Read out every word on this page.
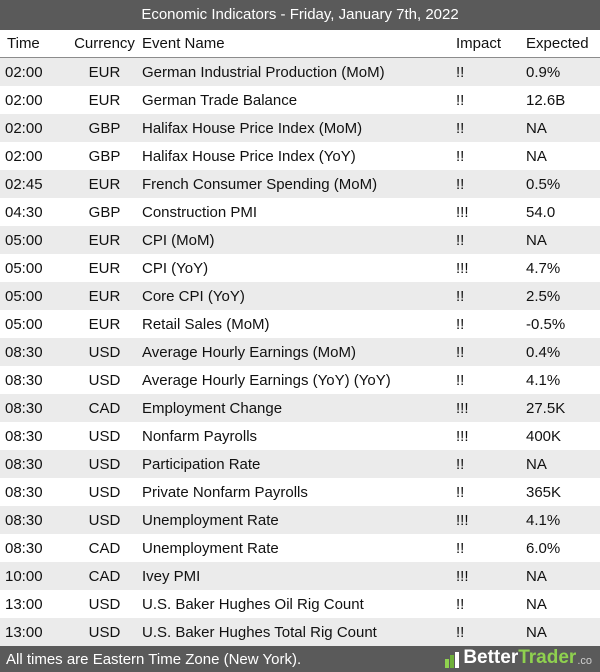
Economic Indicators - Friday, January 7th, 2022
Time	Currency	Event Name	Impact	Expected
02:00	EUR	German Industrial Production (MoM)	!!	0.9%
02:00	EUR	German Trade Balance	!!	12.6B
02:00	GBP	Halifax House Price Index (MoM)	!!	NA
02:00	GBP	Halifax House Price Index (YoY)	!!	NA
02:45	EUR	French Consumer Spending (MoM)	!!	0.5%
04:30	GBP	Construction PMI	!!!	54.0
05:00	EUR	CPI (MoM)	!!	NA
05:00	EUR	CPI (YoY)	!!!	4.7%
05:00	EUR	Core CPI (YoY)	!!	2.5%
05:00	EUR	Retail Sales (MoM)	!!	-0.5%
08:30	USD	Average Hourly Earnings (MoM)	!!	0.4%
08:30	USD	Average Hourly Earnings (YoY) (YoY)	!!	4.1%
08:30	CAD	Employment Change	!!!	27.5K
08:30	USD	Nonfarm Payrolls	!!!	400K
08:30	USD	Participation Rate	!!	NA
08:30	USD	Private Nonfarm Payrolls	!!	365K
08:30	USD	Unemployment Rate	!!!	4.1%
08:30	CAD	Unemployment Rate	!!	6.0%
10:00	CAD	Ivey PMI	!!!	NA
13:00	USD	U.S. Baker Hughes Oil Rig Count	!!	NA
13:00	USD	U.S. Baker Hughes Total Rig Count	!!	NA
All times are Eastern Time Zone (New York).	Better Trader .co
